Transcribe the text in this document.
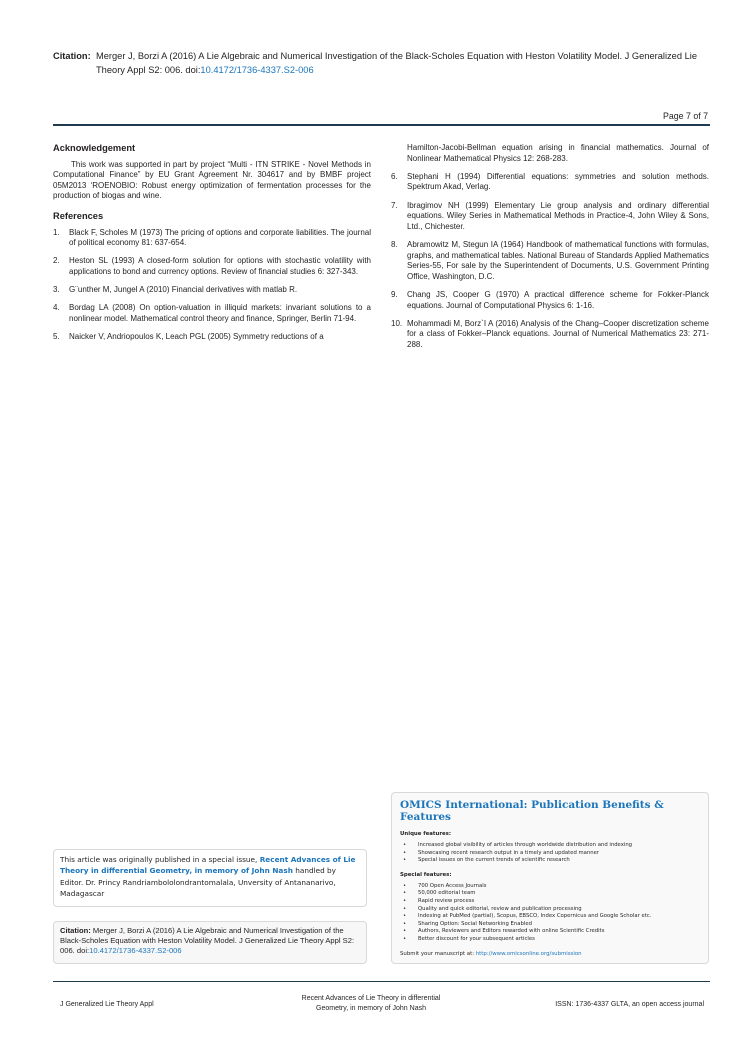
Citation: Merger J, Borzi A (2016) A Lie Algebraic and Numerical Investigation of the Black-Scholes Equation with Heston Volatility Model. J Generalized Lie Theory Appl S2: 006. doi:10.4172/1736-4337.S2-006
Page 7 of 7
Acknowledgement

This work was supported in part by project “Multi - ITN STRIKE - Novel Methods in Computational Finance” by EU Grant Agreement Nr. 304617 and by BMBF project 05M2013 ‘ROENOBIO: Robust energy optimization of fermentation processes for the production of biogas and wine.

References
1. Black F, Scholes M (1973) The pricing of options and corporate liabilities. The journal of political economy 81: 637-654.
2. Heston SL (1993) A closed-form solution for options with stochastic volatility with applications to bond and currency options. Review of financial studies 6: 327-343.
3. G¨unther M, Jungel A (2010) Financial derivatives with matlab R.
4. Bordag LA (2008) On option-valuation in illiquid markets: invariant solutions to a nonlinear model. Mathematical control theory and finance, Springer, Berlin 71-94.
5. Naicker V, Andriopoulos K, Leach PGL (2005) Symmetry reductions of a

Hamilton-Jacobi-Bellman equation arising in financial mathematics. Journal of Nonlinear Mathematical Physics 12: 268-283.

6. Stephani H (1994) Differential equations: symmetries and solution methods. Spektrum Akad, Verlag.
7. Ibragimov NH (1999) Elementary Lie group analysis and ordinary differential equations. Wiley Series in Mathematical Methods in Practice-4, John Wiley & Sons, Ltd., Chichester.
8. Abramowitz M, Stegun IA (1964) Handbook of mathematical functions with formulas, graphs, and mathematical tables. National Bureau of Standards Applied Mathematics Series-55, For sale by the Superintendent of Documents, U.S. Government Printing Office, Washington, D.C.
9. Chang JS, Cooper G (1970) A practical difference scheme for Fokker-Planck equations. Journal of Computational Physics 6: 1-16.
10. Mohammadi M, Borz`I A (2016) Analysis of the Chang–Cooper discretization scheme for a class of Fokker–Planck equations. Journal of Numerical Mathematics 23: 271-288.
This article was originally published in a special issue, Recent Advances of Lie Theory in differential Geometry, in memory of John Nash handled by Editor. Dr. Princy Randriambololondrantomalala, Unversity of Antananarivo, Madagascar
Citation: Merger J, Borzi A (2016) A Lie Algebraic and Numerical Investigation of the Black-Scholes Equation with Heston Volatility Model. J Generalized Lie Theory Appl S2: 006. doi:10.4172/1736-4337.S2-006
OMICS International: Publication Benefits & Features
Unique features:
• Increased global visibility of articles through worldwide distribution and indexing
• Showcasing recent research output in a timely and updated manner
• Special issues on the current trends of scientific research
Special features:
• 700 Open Access Journals
• 50,000 editorial team
• Rapid review process
• Quality and quick editorial, review and publication processing
• Indexing at PubMed (partial), Scopus, EBSCO, Index Copernicus and Google Scholar etc.
• Sharing Option: Social Networking Enabled
• Authors, Reviewers and Editors rewarded with online Scientific Credits
• Better discount for your subsequent articles
Submit your manuscript at: http://www.omicsonline.org/submission
J Generalized Lie Theory Appl
Recent Advances of Lie Theory in differential
Geometry, in memory of John Nash	ISSN: 1736-4337 GLTA, an open access journal
